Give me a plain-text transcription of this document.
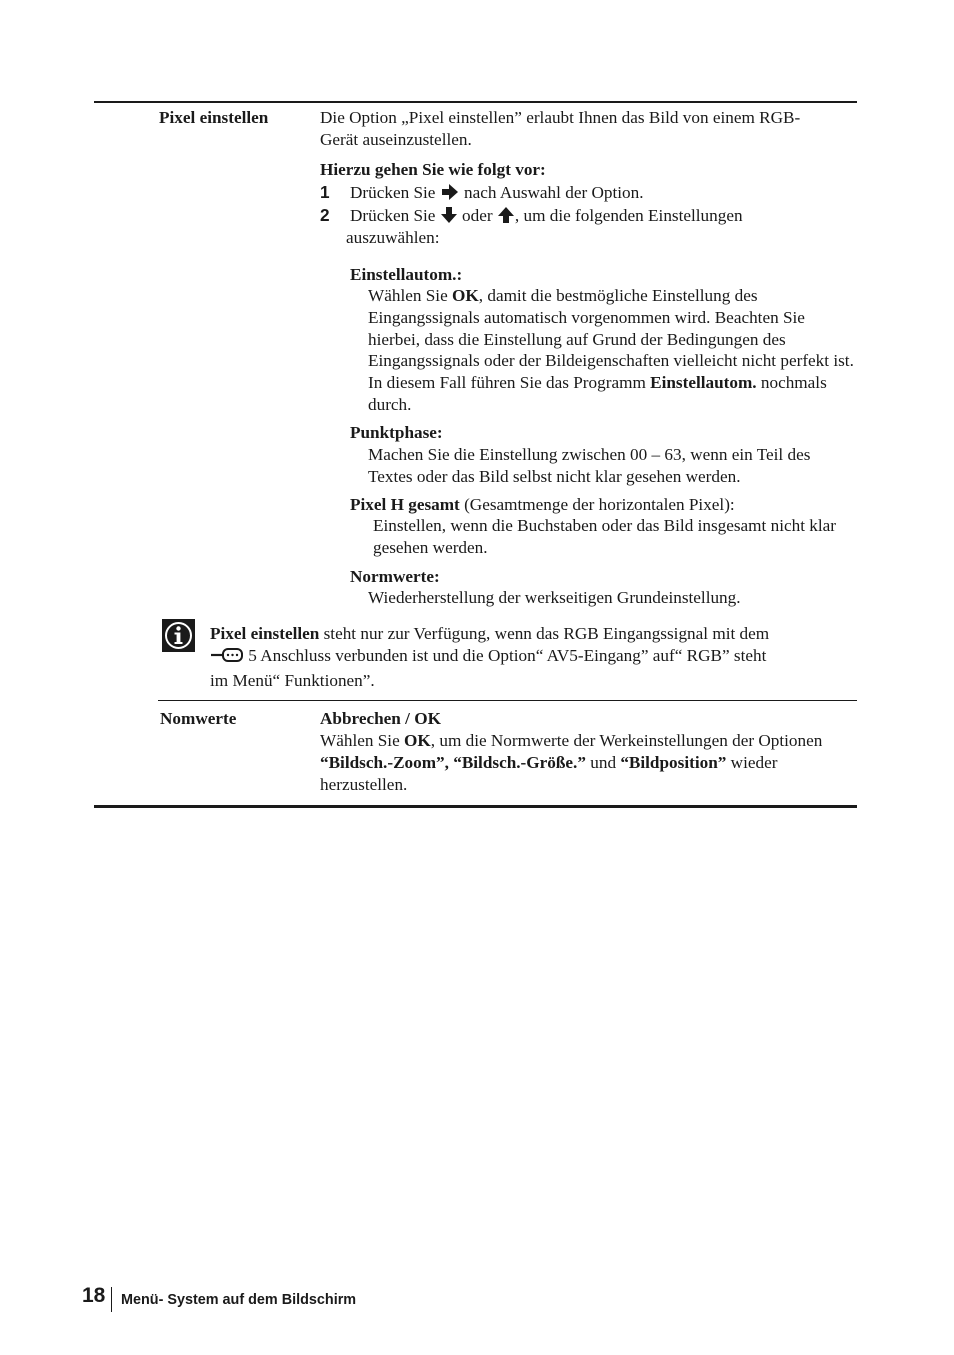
Pixel einstellen	Die Option „Pixel einstellen” erlaubt Ihnen das Bild von einem RGB- Gerät auseinzustellen.
Hierzu gehen Sie wie folgt vor:
1 Drücken Sie nach Auswahl der Option.
2 Drücken Sie oder , um die folgenden Einstellungen
auszuwählen:
Einstellautom.:
Wählen Sie OK, damit die bestmögliche Einstellung des Eingangssignals automatisch vorgenommen wird. Beachten Sie hierbei, dass die Einstellung auf Grund der Bedingungen des Eingangssignals oder der Bildeigenschaften vielleicht nicht perfekt ist. In diesem Fall führen Sie das Programm Einstellautom. nochmals durch.
Punktphase:
Machen Sie die Einstellung zwischen 00 – 63, wenn ein Teil des Textes oder das Bild selbst nicht klar gesehen werden.
Pixel H gesamt (Gesamtmenge der horizontalen Pixel):
Einstellen, wenn die Buchstaben oder das Bild insgesamt nicht klar gesehen werden.
Normwerte:
Wiederherstellung der werkseitigen Grundeinstellung.
Pixel einstellen steht nur zur Verfügung, wenn das RGB Eingangssignal mit dem
5 Anschluss verbunden ist und die Option“ AV5-Eingang” auf“ RGB” steht
im Menü“ Funktionen”.
Nomwerte	Abbrechen / OK
Wählen Sie OK, um die Normwerte der Werkeinstellungen der Optionen “Bildsch.-Zoom”, “Bildsch.-Größe.” und “Bildposition” wieder herzustellen.
18 Menü- System auf dem Bildschirm
